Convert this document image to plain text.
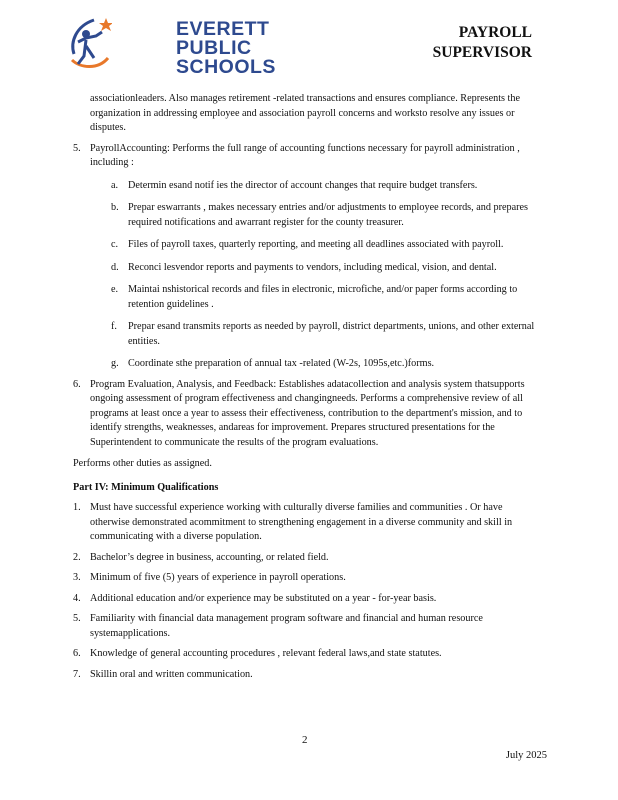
EVERETT
PUBLIC
SCHOOLS
PAYROLL
SUPERVISOR

associationleaders. Also manages retirement -related transactions and ensures compliance. Represents the organization in addressing employee and association payroll concerns and worksto resolve any issues or disputes.

5. PayrollAccounting: Performs the full range of accounting functions necessary for payroll administration , including :
a. Determin esand notif ies the director of account changes that require budget transfers.
b. Prepar eswarrants , makes necessary entries and/or adjustments to employee records, and prepares required notifications and awarrant register for the county treasurer.
c. Files of payroll taxes, quarterly reporting, and meeting all deadlines associated with payroll.
d. Reconci lesvendor reports and payments to vendors, including medical, vision, and dental.
e. Maintai nshistorical records and files in electronic, microfiche, and/or paper forms according to retention guidelines .
f. Prepar esand transmits reports as needed by payroll, district departments, unions, and other external entities.
g. Coordinate sthe preparation of annual tax -related (W-2s, 1095s,etc.)forms.
6. Program Evaluation, Analysis, and Feedback: Establishes adatacollection and analysis system thatsupports ongoing assessment of program effectiveness and changingneeds. Performs a comprehensive review of all programs at least once a year to assess their effectiveness, contribution to the department's mission, and to identify strengths, weaknesses, andareas for improvement. Prepares structured presentations for the Superintendent to communicate the results of the program evaluations.

Performs other duties as assigned.

Part IV: Minimum Qualifications

1. Must have successful experience working with culturally diverse families and communities . Or have otherwise demonstrated acommitment to strengthening engagement in a diverse community and skill in communicating with a diverse population.
2. Bachelor’s degree in business, accounting, or related field.
3. Minimum of five (5) years of experience in payroll operations.
4. Additional education and/or experience may be substituted on a year - for-year basis.
5. Familiarity with financial data management program software and financial and human resource systemapplications.
6. Knowledge of general accounting procedures , relevant federal laws,and state statutes.
7. Skillin oral and written communication.
2
July 2025
